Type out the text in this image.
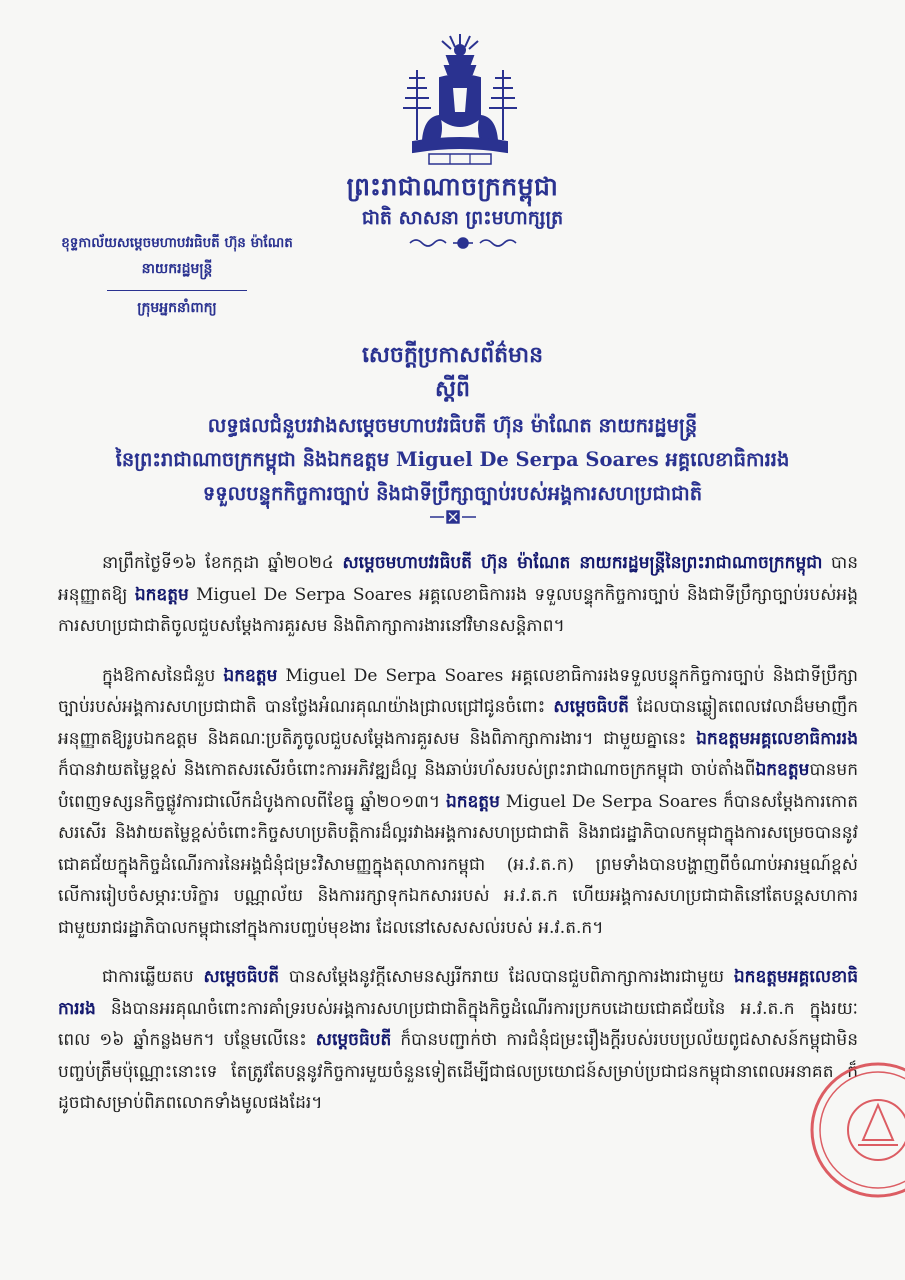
ព្រះរាជាណាចក្រកម្ពុជា
ជាតិ សាសនា ព្រះមហាក្សត្រ
ខុទ្ទកាល័យសម្តេចមហាបវរធិបតី ហ៊ុន ម៉ាណែត
នាយករដ្ឋមន្ត្រី
ក្រុមអ្នកនាំពាក្យ
សេចក្តីប្រកាសព័ត៌មាន
ស្តីពី
លទ្ធផលជំនួបរវាងសម្តេចមហាបវរធិបតី ហ៊ុន ម៉ាណែត នាយករដ្ឋមន្ត្រី
នៃព្រះរាជាណាចក្រកម្ពុជា និងឯកឧត្តម Miguel De Serpa Soares អគ្គលេខាធិការរង
ទទួលបន្ទុកកិច្ចការច្បាប់ និងជាទីប្រឹក្សាច្បាប់របស់អង្គការសហប្រជាជាតិ

នាព្រឹកថ្ងៃទី១៦ ខែកក្កដា ឆ្នាំ២០២៤ សម្តេចមហាបវរធិបតី ហ៊ុន ម៉ាណែត នាយករដ្ឋមន្ត្រីនៃព្រះរាជាណាចក្រកម្ពុជា បានអនុញ្ញាតឱ្យ ឯកឧត្តម Miguel De Serpa Soares អគ្គលេខាធិការរង ទទួលបន្ទុកកិច្ចការច្បាប់ និងជាទីប្រឹក្សាច្បាប់របស់អង្គការសហប្រជាជាតិចូលជួបសម្តែងការគួរសម និងពិភាក្សាការងារនៅវិមានសន្តិភាព។

ក្នុងឱកាសនៃជំនួប ឯកឧត្តម Miguel De Serpa Soares អគ្គលេខាធិការរងទទួលបន្ទុកកិច្ចការច្បាប់ និងជាទីប្រឹក្សាច្បាប់របស់អង្គការសហប្រជាជាតិ បានថ្លែងអំណរគុណយ៉ាងជ្រាលជ្រៅជូនចំពោះ សម្តេចធិបតី ដែលបានឆ្លៀតពេលវេលាដ៏មមាញឹកអនុញ្ញាតឱ្យរូបឯកឧត្តម និងគណៈប្រតិភូចូលជួបសម្តែងការគួរសម និងពិភាក្សាការងារ។ ជាមួយគ្នានេះ ឯកឧត្តមអគ្គលេខាធិការរង ក៏បានវាយតម្លៃខ្ពស់ និងកោតសរសើរចំពោះការអភិវឌ្ឍដ៏ល្អ និងឆាប់រហ័សរបស់ព្រះរាជាណាចក្រកម្ពុជា ចាប់តាំងពីឯកឧត្តមបានមកបំពេញទស្សនកិច្ចផ្លូវការជាលើកដំបូងកាលពីខែធ្នូ ឆ្នាំ២០១៣។ ឯកឧត្តម Miguel De Serpa Soares ក៏បានសម្តែងការកោតសរសើរ និងវាយតម្លៃខ្ពស់ចំពោះកិច្ចសហប្រតិបត្តិការដ៏ល្អរវាងអង្គការសហប្រជាជាតិ និងរាជរដ្ឋាភិបាលកម្ពុជាក្នុងការសម្រេចបាននូវជោគជ័យក្នុងកិច្ចដំណើរការនៃអង្គជំនុំជម្រះវិសាមញ្ញក្នុងតុលាការកម្ពុជា (អ.វ.ត.ក) ព្រមទាំងបានបង្ហាញពីចំណាប់អារម្មណ៍ខ្ពស់លើការរៀបចំសម្ភារៈបរិក្ខារ បណ្ណាល័យ និងការរក្សាទុកឯកសាររបស់ អ.វ.ត.ក ហើយអង្គការសហប្រជាជាតិនៅតែបន្តសហការជាមួយរាជរដ្ឋាភិបាលកម្ពុជានៅក្នុងការបញ្ចប់មុខងារ ដែលនៅសេសសល់របស់ អ.វ.ត.ក។

ជាការឆ្លើយតប សម្តេចធិបតី បានសម្តែងនូវក្តីសោមនស្សរីករាយ ដែលបានជួបពិភាក្សាការងារជាមួយ ឯកឧត្តមអគ្គលេខាធិការរង និងបានអរគុណចំពោះការគាំទ្ររបស់អង្គការសហប្រជាជាតិក្នុងកិច្ចដំណើរការប្រកបដោយជោគជ័យនៃ អ.វ.ត.ក ក្នុងរយៈពេល ១៦ ឆ្នាំកន្លងមក។ បន្ថែមលើនេះ សម្តេចធិបតី ក៏បានបញ្ជាក់ថា ការជំនុំជម្រះរឿងក្តីរបស់របបប្រល័យពូជសាសន៍កម្ពុជាមិនបញ្ចប់ត្រឹមប៉ុណ្ណោះនោះទេ តែត្រូវតែបន្តនូវកិច្ចការមួយចំនួនទៀតដើម្បីជាផលប្រយោជន៍សម្រាប់ប្រជាជនកម្ពុជានាពេលអនាគត ក៏ដូចជាសម្រាប់ពិភពលោកទាំងមូលផងដែរ។
